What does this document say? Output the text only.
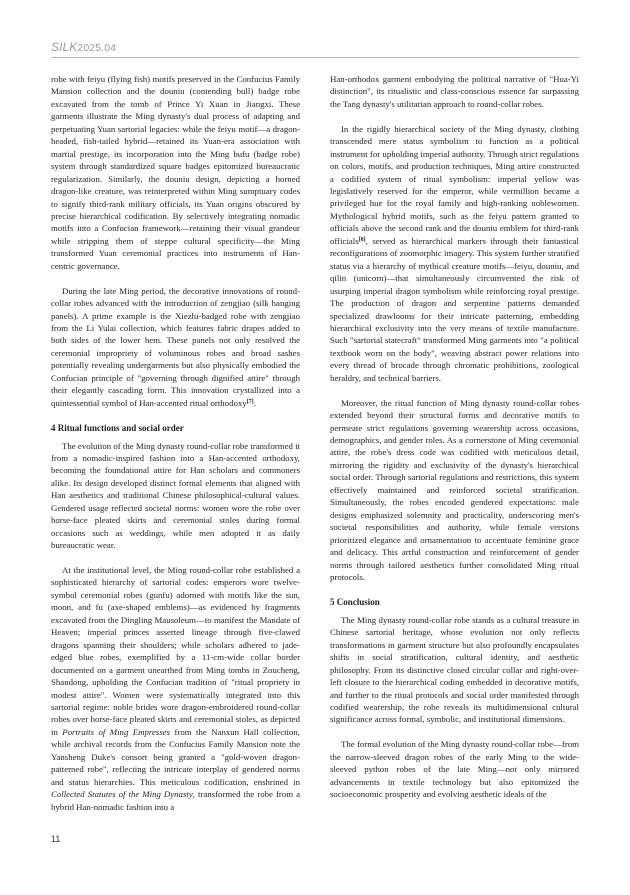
SILK2025.04

robe with feiyu (flying fish) motifs preserved in the Confucius Family Mansion collection and the douniu (contending bull) badge robe excavated from the tomb of Prince Yi Xuan in Jiangxi. These garments illustrate the Ming dynasty's dual process of adapting and perpetuating Yuan sartorial legacies: while the feiyu motif—a dragon-headed, fish-tailed hybrid—retained its Yuan-era association with martial prestige, its incorporation into the Ming bufu (badge robe) system through standardized square badges epitomized bureaucratic regularization. Similarly, the douniu design, depicting a horned dragon-like creature, was reinterpreted within Ming sumptuary codes to signify third-rank military officials, its Yuan origins obscured by precise hierarchical codification. By selectively integrating nomadic motifs into a Confucian framework—retaining their visual grandeur while stripping them of steppe cultural specificity—the Ming transformed Yuan ceremonial practices into instruments of Han-centric governance.

During the late Ming period, the decorative innovations of round-collar robes advanced with the introduction of zengjiao (silk hanging panels). A prime example is the Xiezhi-badged robe with zengjiao from the Li Yulai collection, which features fabric drapes added to both sides of the lower hem. These panels not only resolved the ceremonial impropriety of voluminous robes and broad sashes potentially revealing undergarments but also physically embodied the Confucian principle of "governing through dignified attire" through their elegantly cascading form. This innovation crystallized into a quintessential symbol of Han-accented ritual orthodoxy[7].

4 Ritual functions and social order

The evolution of the Ming dynasty round-collar robe transformed it from a nomadic-inspired fashion into a Han-accented orthodoxy, becoming the foundational attire for Han scholars and commoners alike. Its design developed distinct formal elements that aligned with Han aesthetics and traditional Chinese philosophical-cultural values. Gendered usage reflected societal norms: women wore the robe over horse-face pleated skirts and ceremonial stoles during formal occasions such as weddings, while men adopted it as daily bureaucratic wear.

At the institutional level, the Ming round-collar robe established a sophisticated hierarchy of sartorial codes: emperors wore twelve-symbol ceremonial robes (gunfu) adorned with motifs like the sun, moon, and fu (axe-shaped emblems)—as evidenced by fragments excavated from the Dingling Mausoleum—to manifest the Mandate of Heaven; imperial princes asserted lineage through five-clawed dragons spanning their shoulders; while scholars adhered to jade-edged blue robes, exemplified by a 11-cm-wide collar border documented on a garment unearthed from Ming tombs in Zoucheng, Shandong, upholding the Confucian tradition of "ritual propriety in modest attire". Women were systematically integrated into this sartorial regime: noble brides wore dragon-embroidered round-collar robes over horse-face pleated skirts and ceremonial stoles, as depicted in Portraits of Ming Empresses from the Nanxun Hall collection, while archival records from the Confucius Family Mansion note the Yansheng Duke's consort being granted a "gold-woven dragon-patterned robe", reflecting the intricate interplay of gendered norms and status hierarchies. This meticulous codification, enshrined in Collected Statutes of the Ming Dynasty, transformed the robe from a hybrid Han-nomadic fashion into a

Han-orthodox garment embodying the political narrative of "Hua-Yi distinction", its ritualistic and class-conscious essence far surpassing the Tang dynasty's utilitarian approach to round-collar robes.

In the rigidly hierarchical society of the Ming dynasty, clothing transcended mere status symbolism to function as a political instrument for upholding imperial authority. Through strict regulations on colors, motifs, and production techniques, Ming attire constructed a codified system of ritual symbolism: imperial yellow was legislatively reserved for the emperor, while vermillion became a privileged hue for the royal family and high-ranking noblewomen. Mythological hybrid motifs, such as the feiyu pattern granted to officials above the second rank and the douniu emblem for third-rank officials[8], served as hierarchical markers through their fantastical reconfigurations of zoomorphic imagery. This system further stratified status via a hierarchy of mythical creature motifs—feiyu, douniu, and qilin (unicorn)—that simultaneously circumvented the risk of usurping imperial dragon symbolism while reinforcing royal prestige. The production of dragon and serpentine patterns demanded specialized drawlooms for their intricate patterning, embedding hierarchical exclusivity into the very means of textile manufacture. Such "sartorial statecraft" transformed Ming garments into "a political textbook worn on the body", weaving abstract power relations into every thread of brocade through chromatic prohibitions, zoological heraldry, and technical barriers.

Moreover, the ritual function of Ming dynasty round-collar robes extended beyond their structural forms and decorative motifs to permeate strict regulations governing wearership across occasions, demographics, and gender roles. As a cornerstone of Ming ceremonial attire, the robe's dress code was codified with meticulous detail, mirroring the rigidity and exclusivity of the dynasty's hierarchical social order. Through sartorial regulations and restrictions, this system effectively maintained and reinforced societal stratification. Simultaneously, the robes encoded gendered expectations: male designs emphasized solemnity and practicality, underscoring men's societal responsibilities and authority, while female versions prioritized elegance and ornamentation to accentuate feminine grace and delicacy. This artful construction and reinforcement of gender norms through tailored aesthetics further consolidated Ming ritual protocols.

5 Conclusion

The Ming dynasty round-collar robe stands as a cultural treasure in Chinese sartorial heritage, whose evolution not only reflects transformations in garment structure but also profoundly encapsulates shifts in social stratification, cultural identity, and aesthetic philosophy. From its distinctive closed circular collar and right-over-left closure to the hierarchical coding embedded in decorative motifs, and further to the ritual protocols and social order manifested through codified wearership, the robe reveals its multidimensional cultural significance across formal, symbolic, and institutional dimensions.

The formal evolution of the Ming dynasty round-collar robe—from the narrow-sleeved dragon robes of the early Ming to the wide-sleeved python robes of the late Ming—not only mirrored advancements in textile technology but also epitomized the socioeconomic prosperity and evolving aesthetic ideals of the

11
